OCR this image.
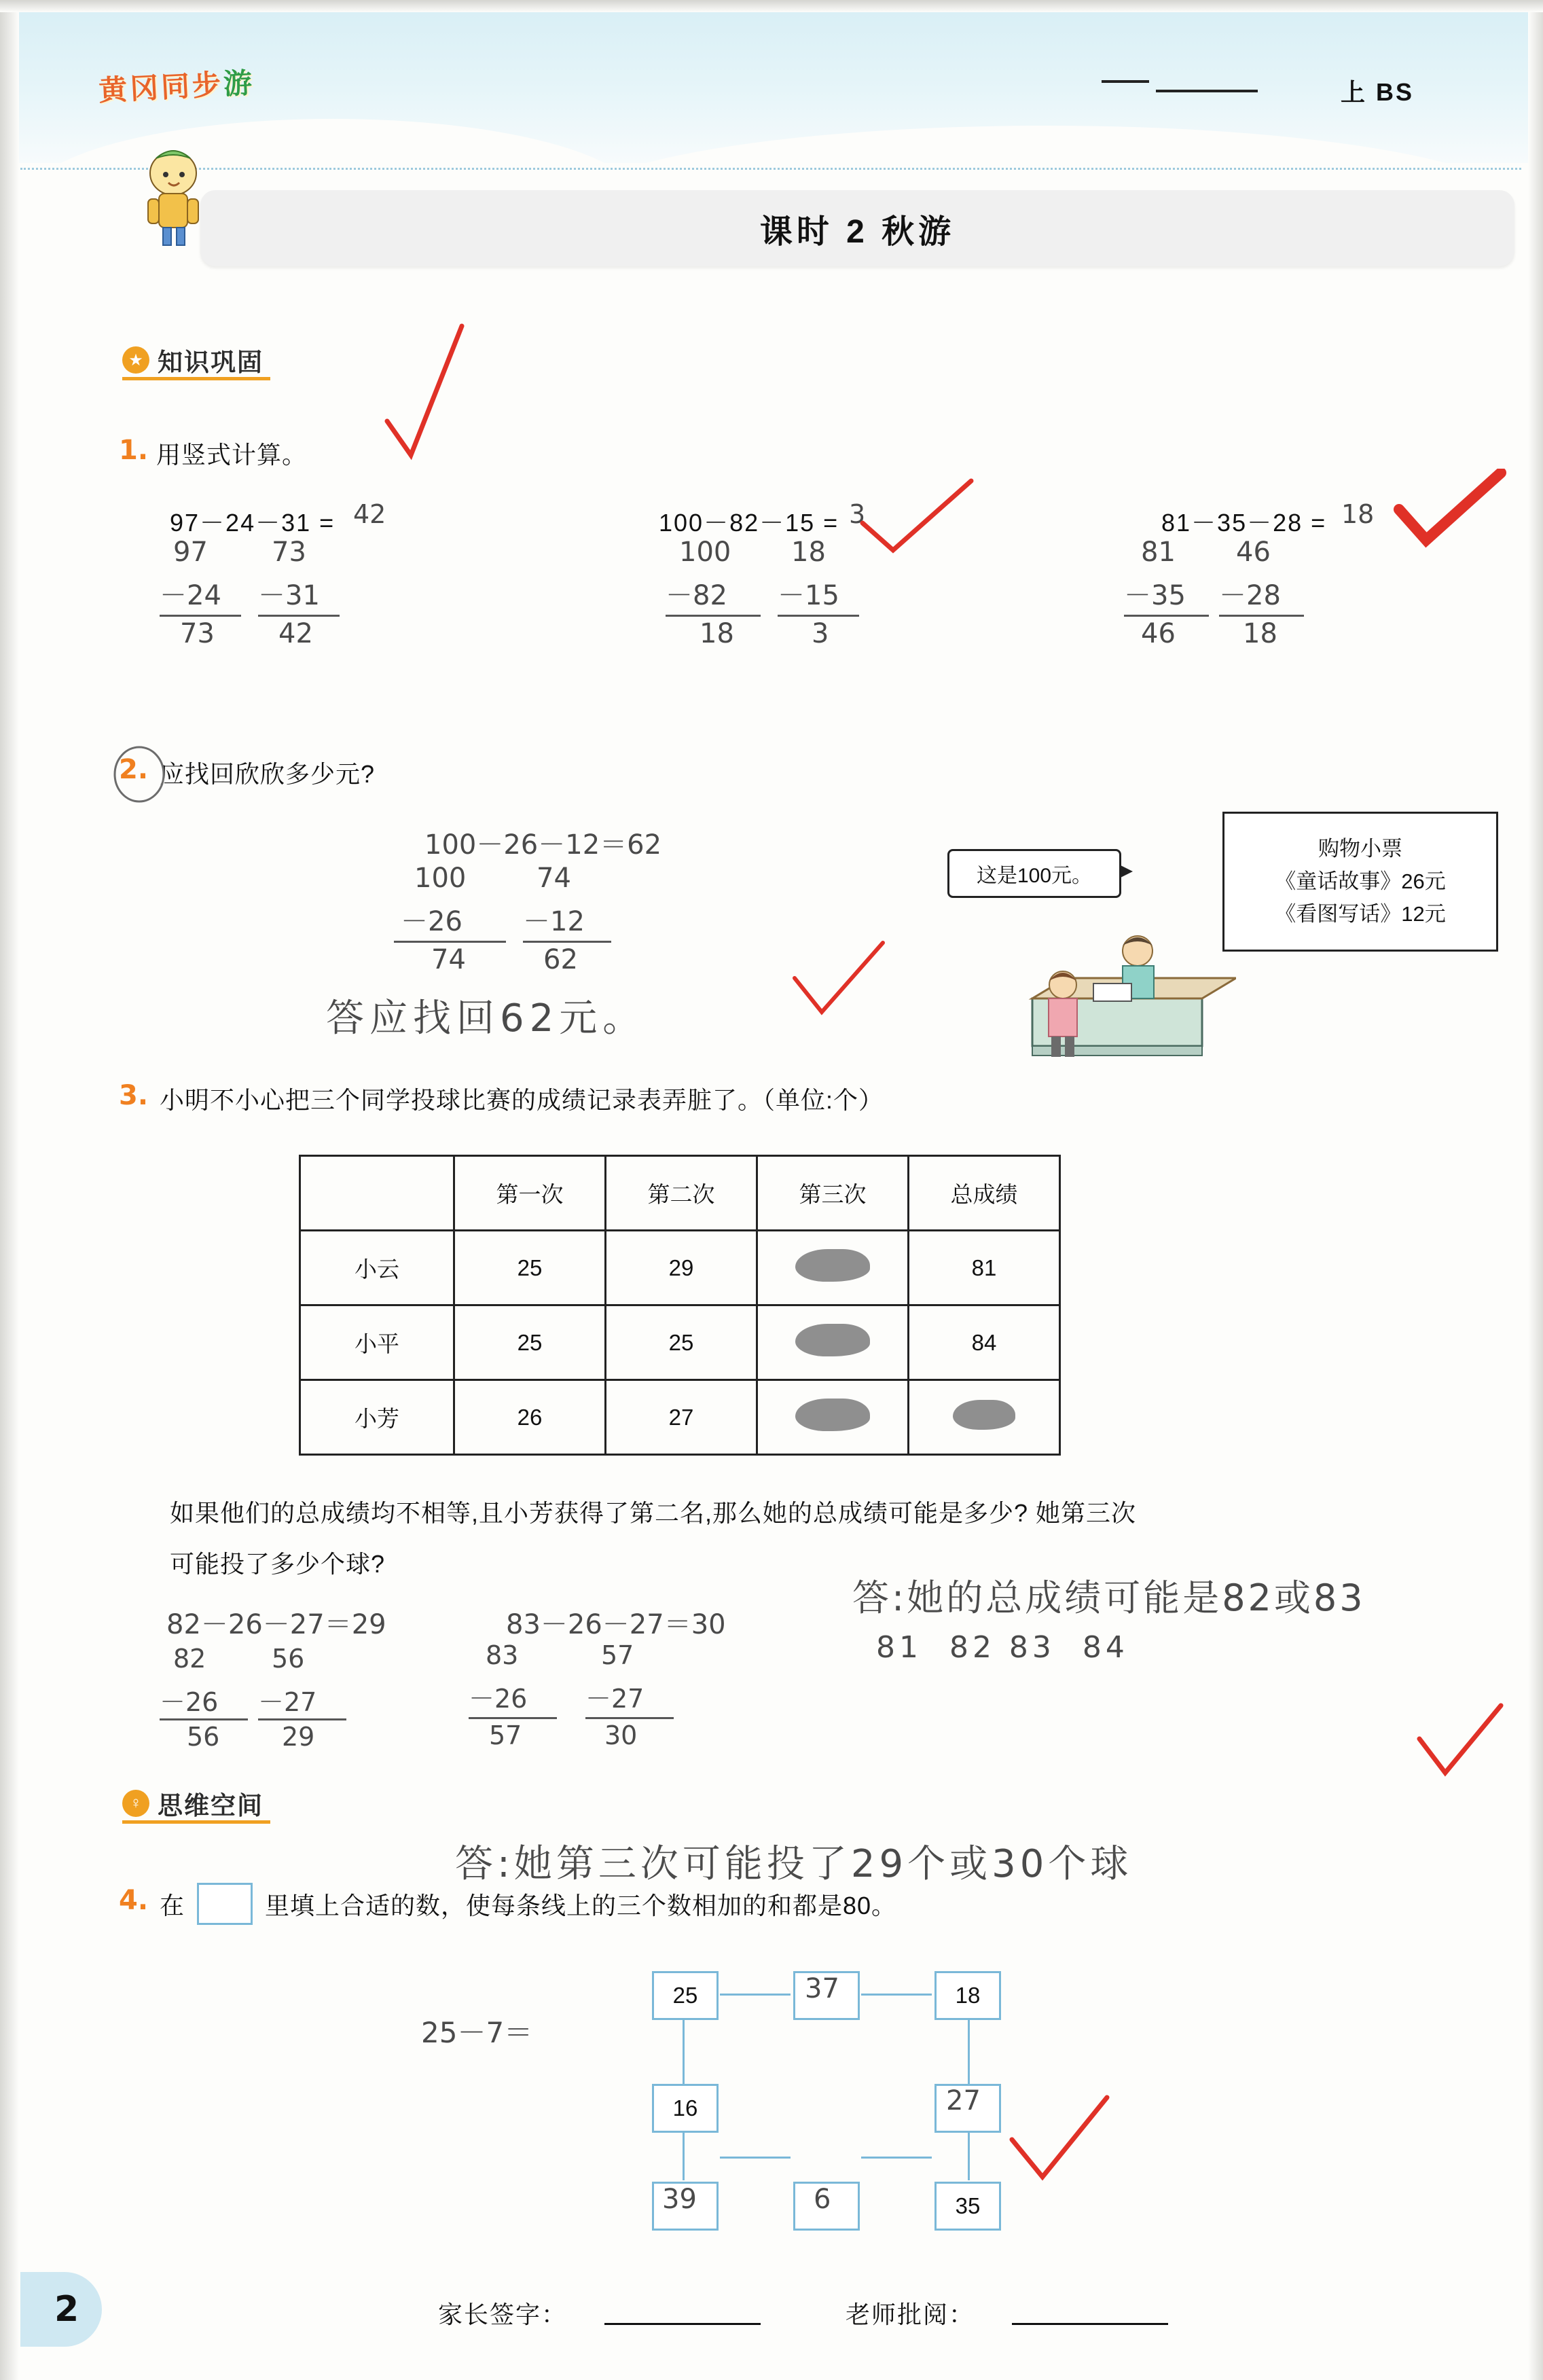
黄冈同步游	上 BS
课时 2 秋游
★ 知识巩固
1. 用竖式计算。
97－24－31 =	100－82－15 =	81－35－28 =
42	3	18
97
－24
73
73
－31
42
100
－82
18
18
－15
3
81
－35
46
46
－28
18
2. 应找回欣欣多少元?
100－26－12＝62
100
－26
74
74
－12
62
答应找回62元。
这是100元。
购物小票
《童话故事》26元
《看图写话》12元
3. 小明不小心把三个同学投球比赛的成绩记录表弄脏了。（单位:个）
	第一次	第二次	第三次	总成绩
小云	25	29		81
小平	25	25		84
小芳	26	27		
如果他们的总成绩均不相等,且小芳获得了第二名,那么她的总成绩可能是多少? 她第三次
可能投了多少个球?
82－26－27＝29	83－26－27＝30
82
－26
56
56
－27
29
83
－26
57
57
－27
30
答:她的总成绩可能是82或83
81  82 83  84
答:她第三次可能投了29个或30个球
♀ 思维空间
4. 在	里填上合适的数，使每条线上的三个数相加的和都是80。
25	37	18
16	27
39	6	35
25－7＝
家长签字：	老师批阅：
2
